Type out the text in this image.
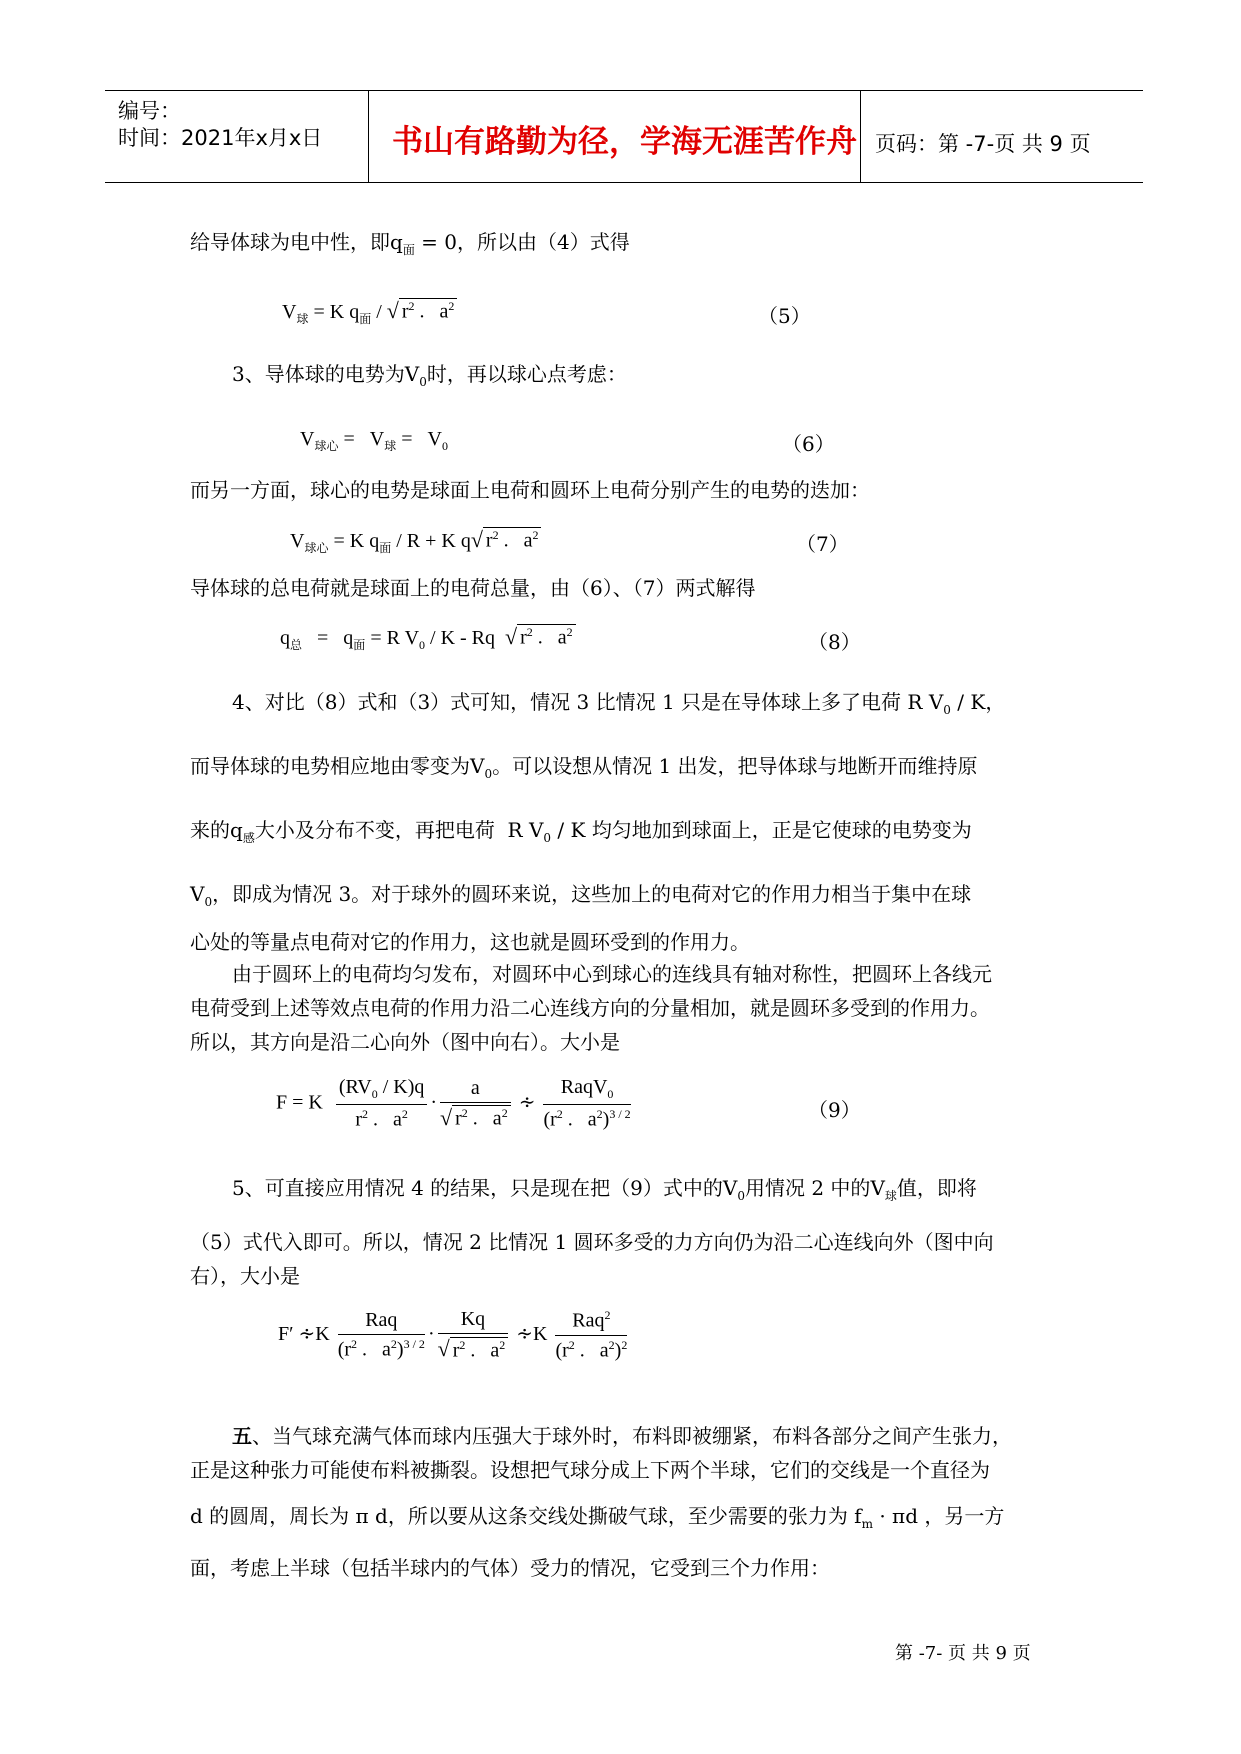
编号：
时间：2021年x月x日 书山有路勤为径，学海无涯苦作舟 页码：第 -7-页 共 9 页
给导体球为电中性，即$q_面 = 0$，所以由（4）式得
$V_球 = K$ $q_面$ / √ $r^2$ .   $a^2$	（5）
3、导体球的电势为$V_0$时，再以球心点考虑：
$V_{球心} = V_球 = V_0$	（6）
而另一方面，球心的电势是球面上电荷和圆环上电荷分别产生的电势的迭加：
$V_{球心} = K$ $q_面 / R + K$ q√ $r^2$ .   $a^2$	（7）
导体球的总电荷就是球面上的电荷总量，由（6）、（7）两式解得
$q_总 = q_面 = R$ $V_0$ / K - Rq  √ $r^2$ .   $a^2$	（8）
4、对比（8）式和（3）式可知，情况 3 比情况 1 只是在导体球上多了电荷 R $V_0$ / K，
而导体球的电势相应地由零变为$V_0$。可以设想从情况 1 出发，把导体球与地断开而维持原
来的$q_感$大小及分布不变，再把电荷  R $V_0$ / K 均匀地加到球面上，正是它使球的电势变为
$V_0$，即成为情况 3。对于球外的圆环来说，这些加上的电荷对它的作用力相当于集中在球
心处的等量点电荷对它的作用力，这也就是圆环受到的作用力。
由于圆环上的电荷均匀发布，对圆环中心到球心的连线具有轴对称性，把圆环上各线元
电荷受到上述等效点电荷的作用力沿二心连线方向的分量相加，就是圆环多受到的作用力。
所以，其方向是沿二心向外（图中向右）。大小是
F = K $\frac{(RV_0 / K)q}{r^2 . a^2} \cdot \frac{a}{√ r^2 . a^2}$ ∻ $\frac{RaqV_0}{(r^2 . a^2)^{3 / 2}}$	（9）
5、可直接应用情况 4 的结果，只是现在把（9）式中的$V_0$用情况 2 中的$V_球$值，即将
（5）式代入即可。所以，情况 2 比情况 1 圆环多受的力方向仍为沿二心连线向外（图中向
右），大小是
F′ ∻K $\frac{\text{Raq}}{(r^2 . a^2)^{3 / 2}} \cdot \frac{Kq}{√ r^2 . a^2}$ ∻K $\frac{Raq^2}{(r^2 . a^2)^2}$
五、当气球充满气体而球内压强大于球外时，布料即被绷紧，布料各部分之间产生张力，
正是这种张力可能使布料被撕裂。设想把气球分成上下两个半球，它们的交线是一个直径为
d 的圆周，周长为 π d，所以要从这条交线处撕破气球，至少需要的张力为 $f_m \cdot \pi d$ ，另一方
面，考虑上半球（包括半球内的气体）受力的情况，它受到三个力作用：
第 -7- 页 共 9 页
